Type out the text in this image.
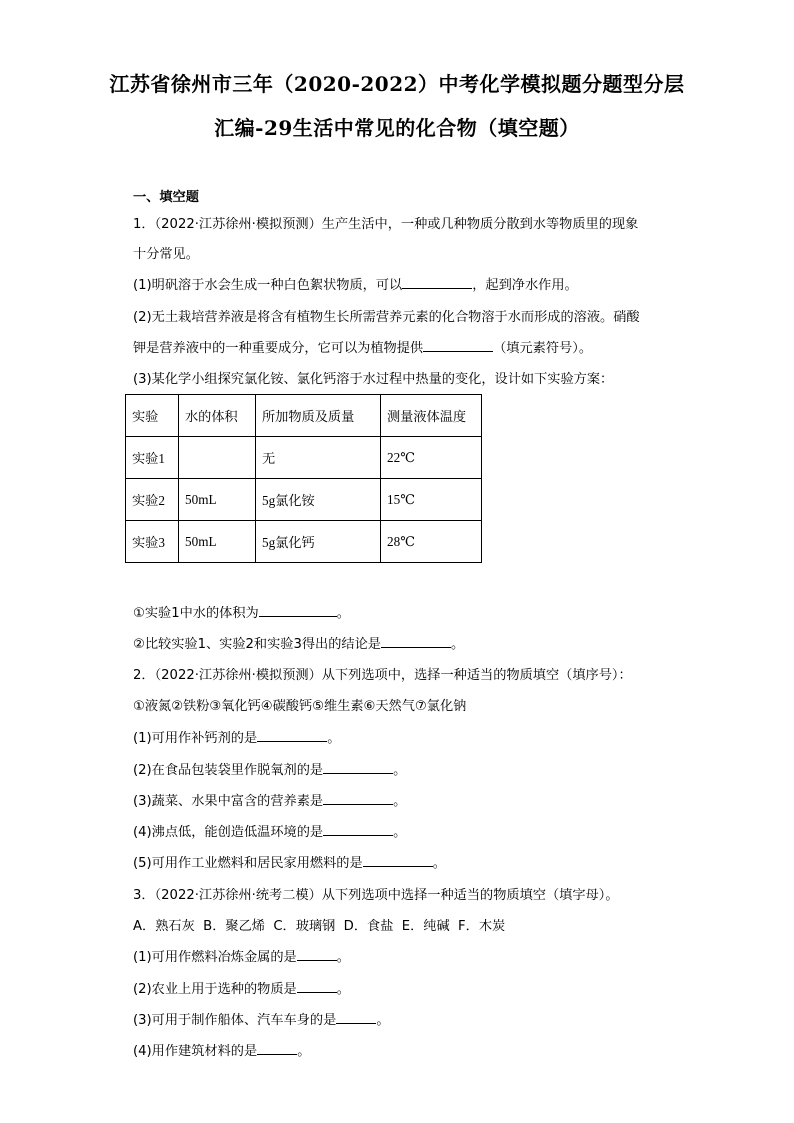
江苏省徐州市三年（2020-2022）中考化学模拟题分题型分层
汇编-29生活中常见的化合物（填空题）
一、填空题
1．（2022·江苏徐州·模拟预测）生产生活中，一种或几种物质分散到水等物质里的现象
十分常见。
(1)明矾溶于水会生成一种白色絮状物质，可以	，起到净水作用。
(2)无土栽培营养液是将含有植物生长所需营养元素的化合物溶于水而形成的溶液。硝酸
钾是营养液中的一种重要成分，它可以为植物提供	（填元素符号）。
(3)某化学小组探究氯化铵、氯化钙溶于水过程中热量的变化，设计如下实验方案：
实验	水的体积	所加物质及质量	测量液体温度
实验1		无	22℃
实验2	50mL	5g氯化铵	15℃
实验3	50mL	5g氯化钙	28℃
①实验1中水的体积为	。
②比较实验1、实验2和实验3得出的结论是	。
2．（2022·江苏徐州·模拟预测）从下列选项中，选择一种适当的物质填空（填序号）：
①液氮②铁粉③氧化钙④碳酸钙⑤维生素⑥天然气⑦氯化钠
(1)可用作补钙剂的是	。
(2)在食品包装袋里作脱氧剂的是	。
(3)蔬菜、水果中富含的营养素是	。
(4)沸点低，能创造低温环境的是	。
(5)可用作工业燃料和居民家用燃料的是	。
3．（2022·江苏徐州·统考二模）从下列选项中选择一种适当的物质填空（填字母）。
A．熟石灰  B．聚乙烯  C．玻璃钢  D．食盐  E．纯碱  F．木炭
(1)可用作燃料冶炼金属的是	。
(2)农业上用于选种的物质是	。
(3)可用于制作船体、汽车车身的是	。
(4)用作建筑材料的是	。
